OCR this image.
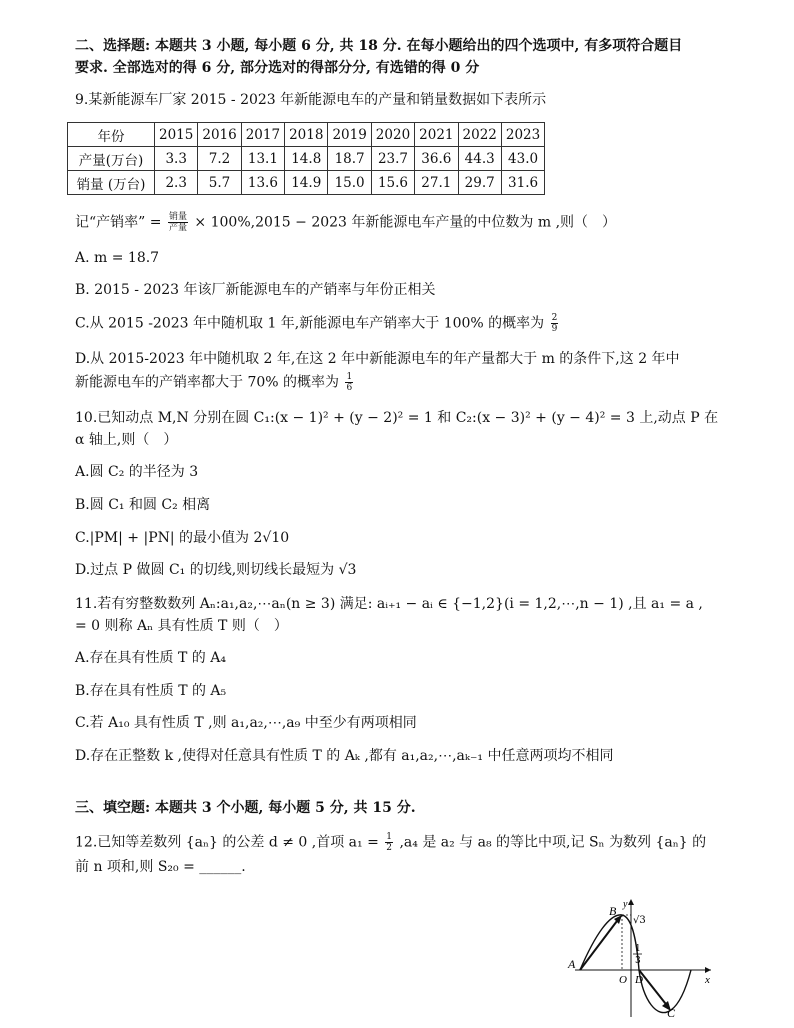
二、选择题: 本题共 3 小题, 每小题 6 分, 共 18 分. 在每小题给出的四个选项中, 有多项符合题目
要求. 全部选对的得 6 分, 部分选对的得部分分, 有选错的得 0 分
9.某新能源车厂家 2015 - 2023 年新能源电车的产量和销量数据如下表所示
年份	2015	2016	2017	2018	2019	2020	2021	2022	2023
产量(万台)	3.3	7.2	13.1	14.8	18.7	23.7	36.6	44.3	43.0
销量 (万台)	2.3	5.7	13.6	14.9	15.0	15.6	27.1	29.7	31.6
记“产销率” = $\frac{\text{销量}}{\text{产量}} \times 100\%,2015 - 2023$ 年新能源电车产量的中位数为 m ,则（　）
A. m = 18.7
B. 2015 - 2023 年该厂新能源电车的产销率与年份正相关
C.从 2015 -2023 年中随机取 1 年,新能源电车产销率大于 100% 的概率为 $\frac{2}{9}$
D.从 2015-2023 年中随机取 2 年,在这 2 年中新能源电车的年产量都大于 m 的条件下,这 2 年中
新能源电车的产销率都大于 70% 的概率为 $\frac{1}{6}$
10.已知动点 M,N 分别在圆 C₁:(x − 1)² + (y − 2)² = 1 和 C₂:(x − 3)² + (y − 4)² = 3 上,动点 P 在
α 轴上,则（　）
A.圆 C₂ 的半径为 3
B.圆 C₁ 和圆 C₂ 相离
C.|PM| + |PN| 的最小值为 2√10
D.过点 P 做圆 C₁ 的切线,则切线长最短为 √3
11.若有穷整数数列 Aₙ:a₁,a₂,⋯aₙ(n ≥ 3) 满足: aᵢ₊₁ − aᵢ ∈ {−1,2}(i = 1,2,⋯,n − 1) ,且 a₁ = a ,
= 0 则称 Aₙ 具有性质 T 则（　）
A.存在具有性质 T 的 A₄
B.存在具有性质 T 的 A₅
C.若 A₁₀ 具有性质 T ,则 a₁,a₂,⋯,a₉ 中至少有两项相同
D.存在正整数 k ,使得对任意具有性质 T 的 Aₖ ,都有 a₁,a₂,⋯,aₖ₋₁ 中任意两项均不相同
三、填空题: 本题共 3 个小题, 每小题 5 分, 共 15 分.
12.已知等差数列 {aₙ} 的公差 d ≠ 0 ,首项 $a_1 = \frac{1}{2} ,a_4$ 是 a₂ 与 a₈ 的等比中项,记 Sₙ 为数列 {aₙ} 的
前 n 项和,则 S₂₀ = ______.
A
B
C
O D	x
y
√3
1
3
